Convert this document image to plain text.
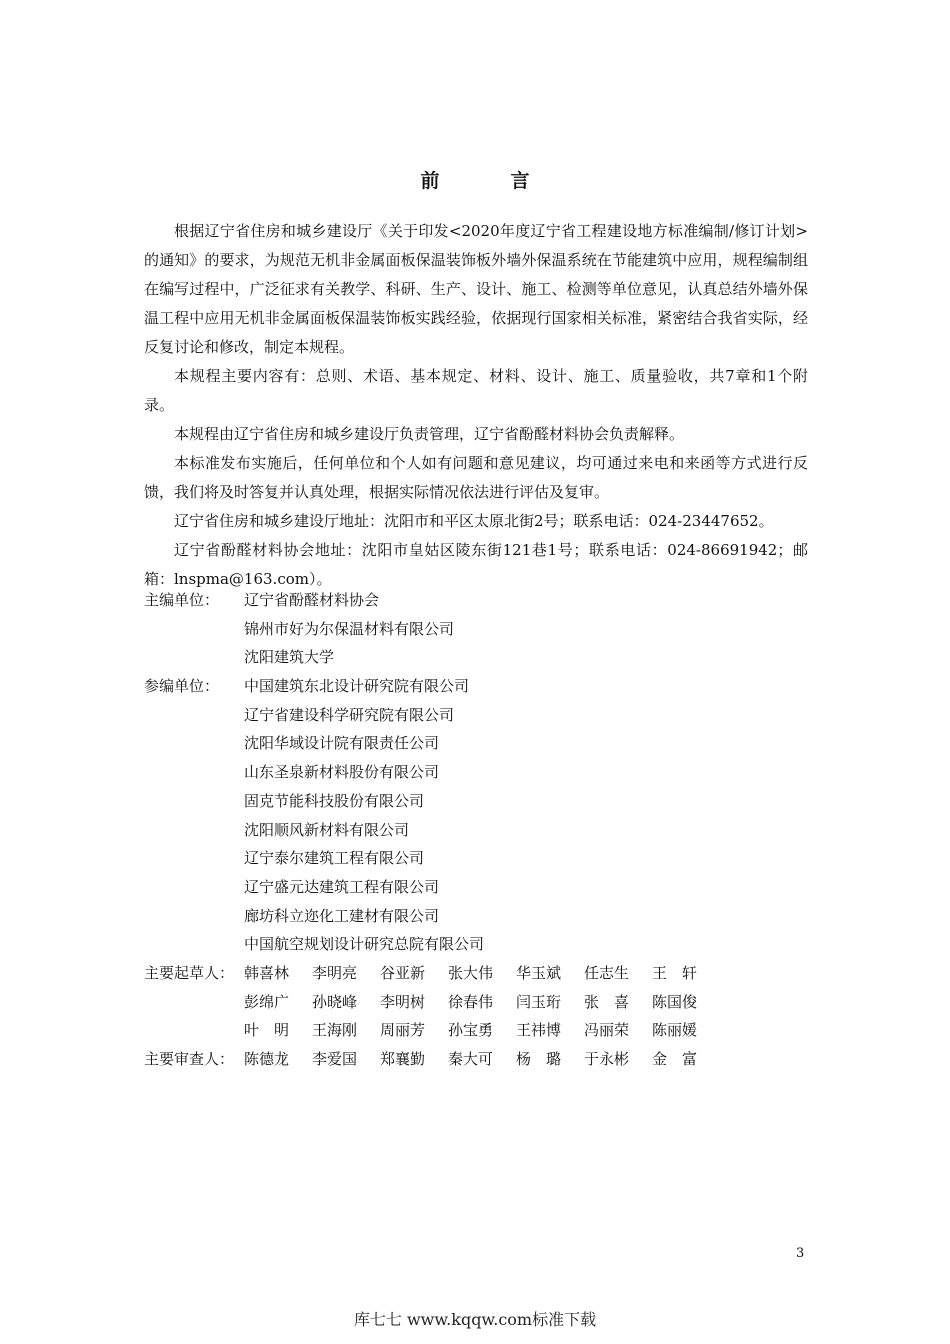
前　言

根据辽宁省住房和城乡建设厅《关于印发<2020年度辽宁省工程建设地方标准编制/修订计划>的通知》的要求，为规范无机非金属面板保温装饰板外墙外保温系统在节能建筑中应用，规程编制组在编写过程中，广泛征求有关教学、科研、生产、设计、施工、检测等单位意见，认真总结外墙外保温工程中应用无机非金属面板保温装饰板实践经验，依据现行国家相关标准，紧密结合我省实际，经反复讨论和修改，制定本规程。

本规程主要内容有：总则、术语、基本规定、材料、设计、施工、质量验收，共7章和1个附录。

本规程由辽宁省住房和城乡建设厅负责管理，辽宁省酚醛材料协会负责解释。

本标准发布实施后，任何单位和个人如有问题和意见建议，均可通过来电和来函等方式进行反馈，我们将及时答复并认真处理，根据实际情况依法进行评估及复审。

辽宁省住房和城乡建设厅地址：沈阳市和平区太原北街2号；联系电话：024-23447652。

辽宁省酚醛材料协会地址：沈阳市皇姑区陵东街121巷1号；联系电话：024-86691942；邮箱：lnspma@163.com）。

主编单位：	辽宁省酚醛材料协会
锦州市好为尔保温材料有限公司
沈阳建筑大学
参编单位：	中国建筑东北设计研究院有限公司
辽宁省建设科学研究院有限公司
沈阳华域设计院有限责任公司
山东圣泉新材料股份有限公司
固克节能科技股份有限公司
沈阳顺风新材料有限公司
辽宁泰尔建筑工程有限公司
辽宁盛元达建筑工程有限公司
廊坊科立迩化工建材有限公司
中国航空规划设计研究总院有限公司
主要起草人： 韩喜林	李明亮	谷亚新	张大伟	华玉斌	任志生	王　轩
彭绵广	孙晓峰	李明树	徐春伟	闫玉珩	张　喜	陈国俊
叶　明	王海刚	周丽芳	孙宝勇	王祎博	冯丽荣	陈丽媛
主要审查人： 陈德龙	李爱国	郑襄勤	秦大可	杨　璐	于永彬	金　富
3
库七七 www.kqqw.com标准下载
